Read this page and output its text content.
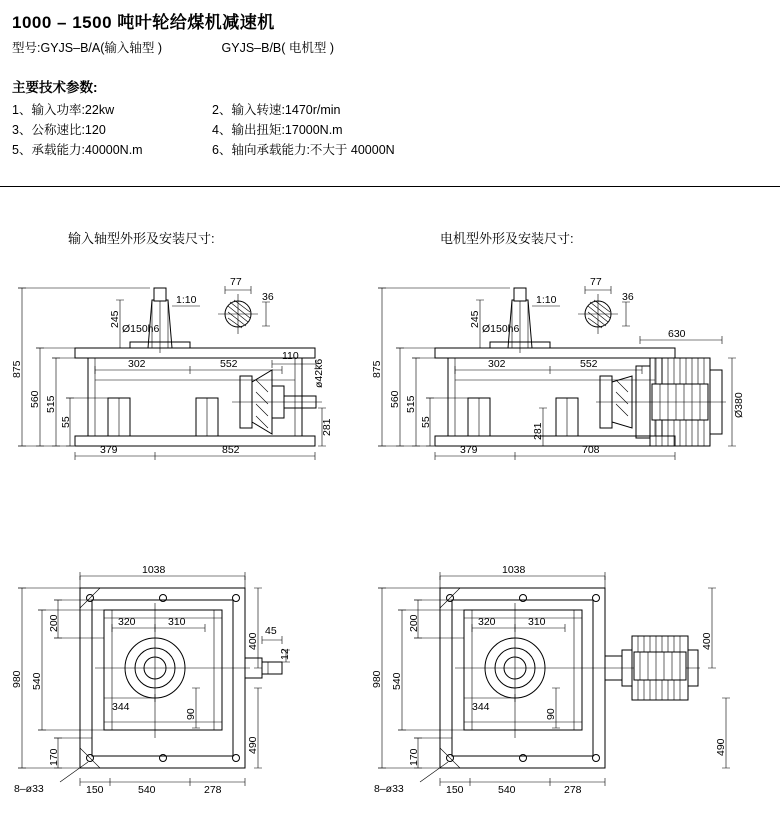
1000 – 1500 吨叶轮给煤机减速机
型号:GYJS–B/A(输入轴型 )	GYJS–B/B( 电机型 )
主要技术参数:
1、输入功率:22kw	2、输入转速:1470r/min
3、公称速比:120	4、输出扭矩:17000N.m
5、承载能力:40000N.m	6、轴向承载能力:不大于 40000N
输入轴型外形及安装尺寸:	电机型外形及安装尺寸:
77
36
1:10
Ø150h6
245
ø42k6
110
281
302	552
379	852
875
560 515
55
77
36
1:10
Ø150h6
245
630
Ø380
281
302	552
379	708
875
560 515
55
8–ø33
1038
320	310
344
90
45
12
980 540
200
170
400
490
150	540	278	8–ø33
1038
320	310
344
90
980 540
200
170
400
490
150	540	278
